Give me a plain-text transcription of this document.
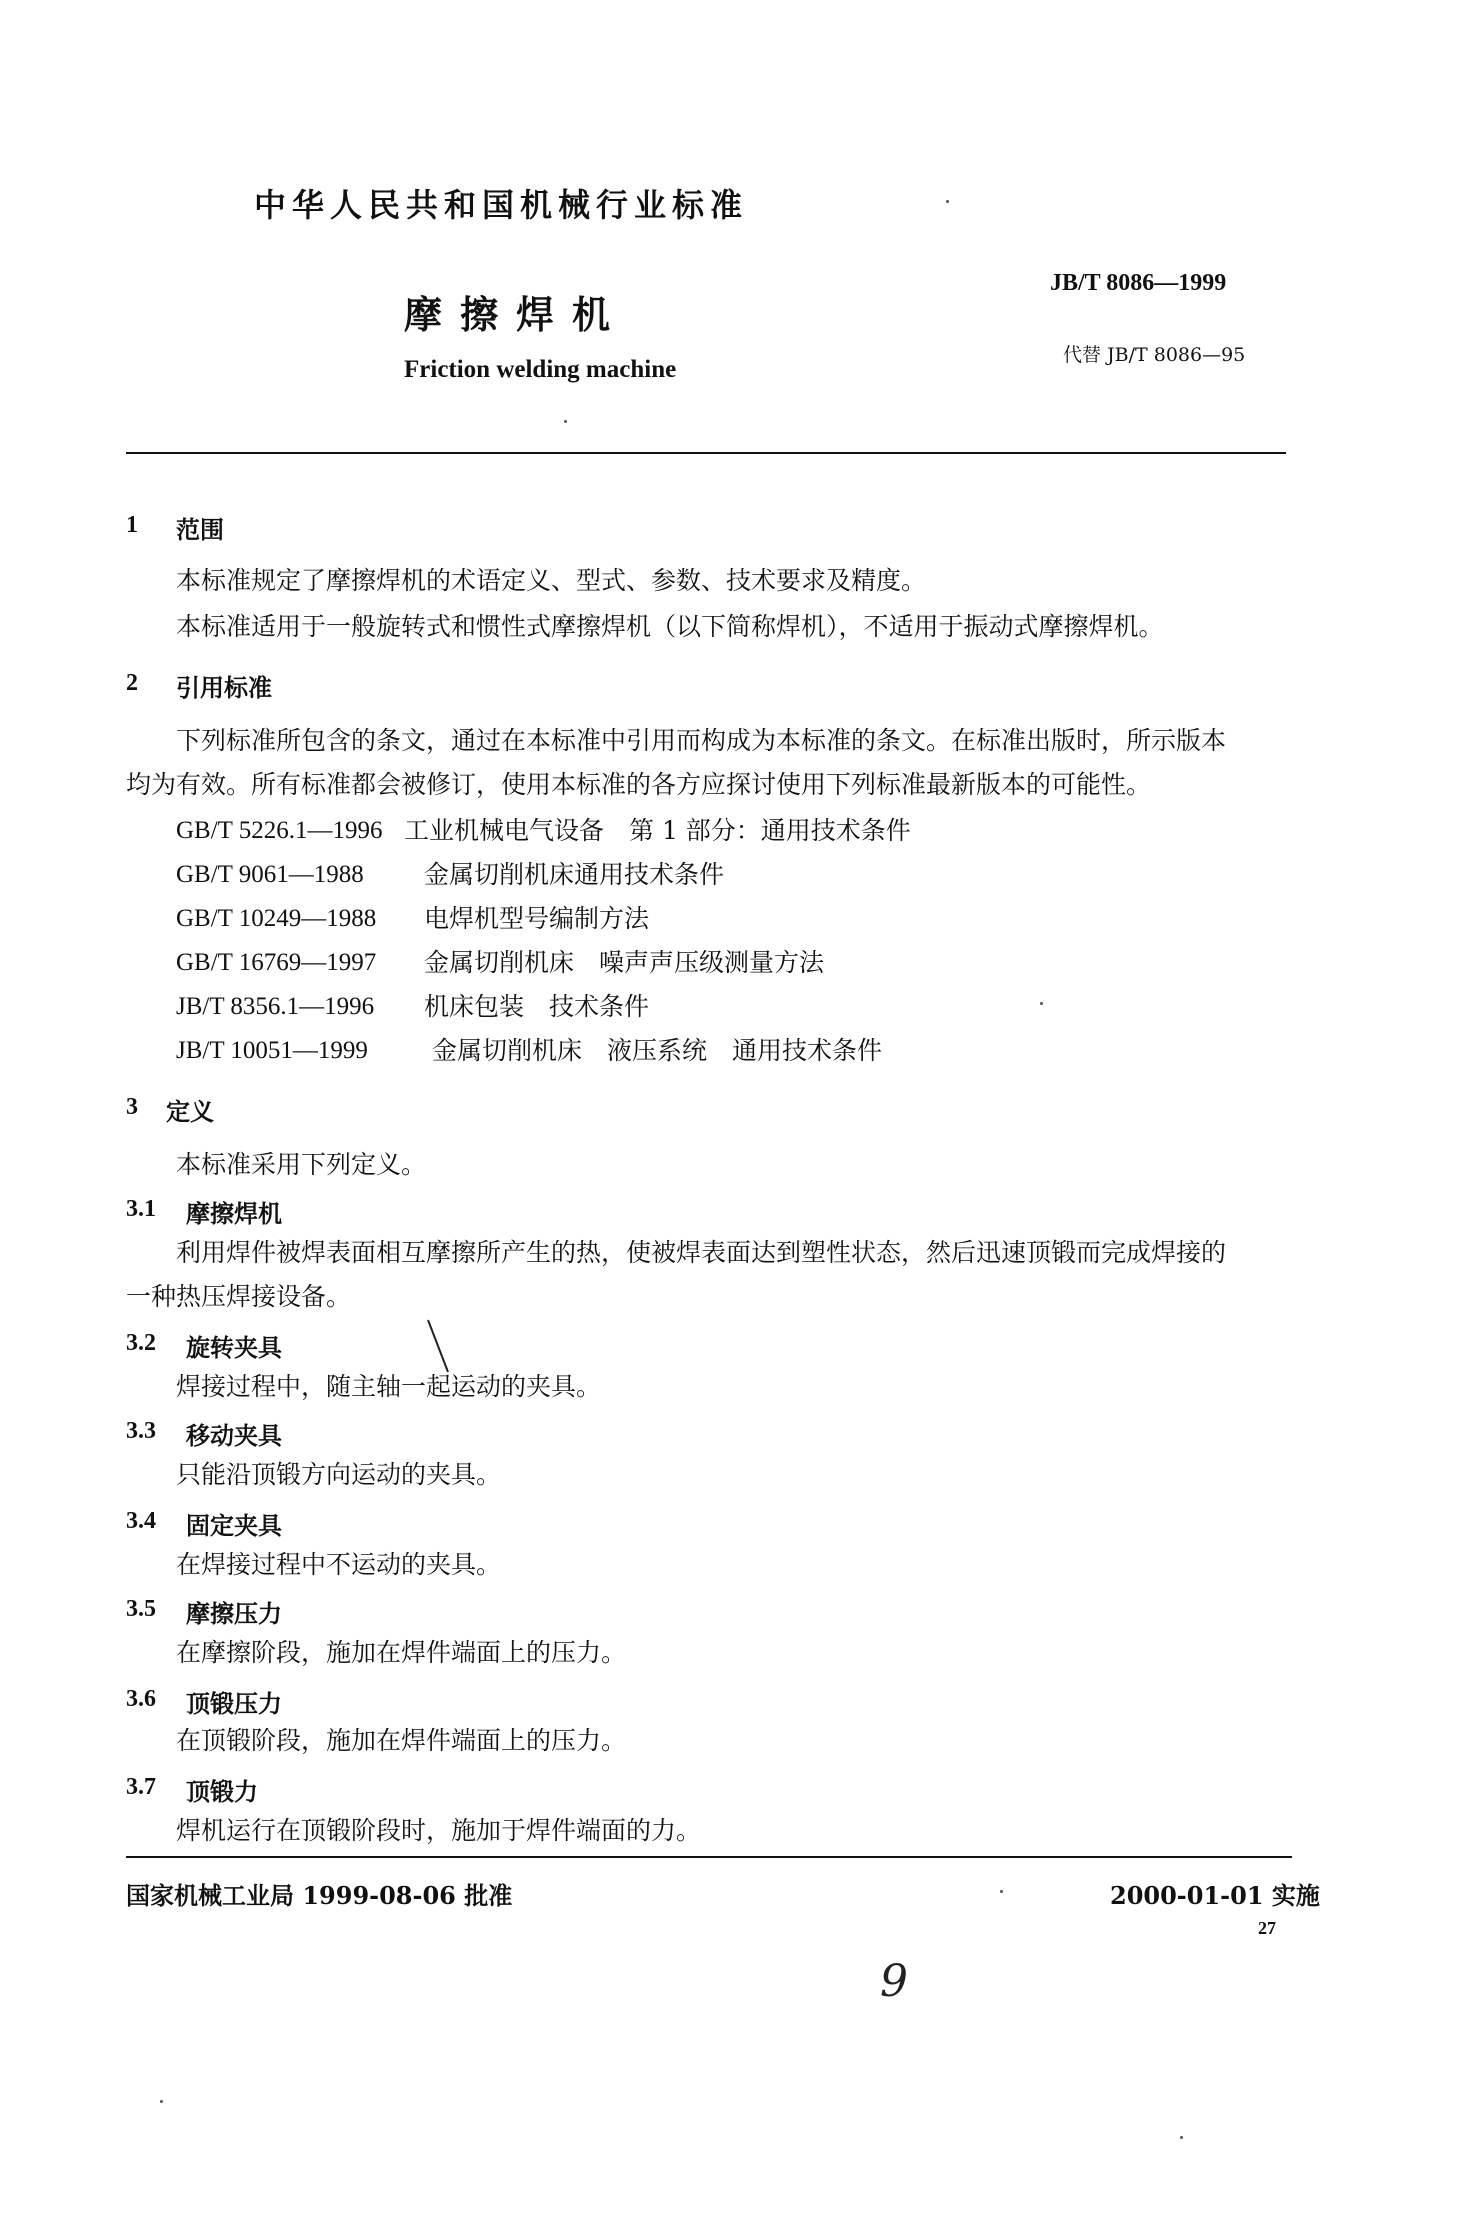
中华人民共和国机械行业标准
摩擦焊机
Friction welding machine
JB/T 8086—1999
代替 JB/T 8086—95
1 范围
本标准规定了摩擦焊机的术语定义、型式、参数、技术要求及精度。
本标准适用于一般旋转式和惯性式摩擦焊机（以下简称焊机），不适用于振动式摩擦焊机。
2 引用标准
下列标准所包含的条文，通过在本标准中引用而构成为本标准的条文。在标准出版时，所示版本
均为有效。所有标准都会被修订，使用本标准的各方应探讨使用下列标准最新版本的可能性。
GB/T 5226.1—1996 工业机械电气设备　第 1 部分：通用技术条件
GB/T 9061—1988 金属切削机床通用技术条件
GB/T 10249—1988 电焊机型号编制方法
GB/T 16769—1997 金属切削机床　噪声声压级测量方法
JB/T 8356.1—1996 机床包装　技术条件
JB/T 10051—1999	金属切削机床　液压系统　通用技术条件
3 定义
本标准采用下列定义。
3.1 摩擦焊机
利用焊件被焊表面相互摩擦所产生的热，使被焊表面达到塑性状态，然后迅速顶锻而完成焊接的
一种热压焊接设备。
3.2 旋转夹具
焊接过程中，随主轴一起运动的夹具。
3.3 移动夹具
只能沿顶锻方向运动的夹具。
3.4 固定夹具
在焊接过程中不运动的夹具。
3.5 摩擦压力
在摩擦阶段，施加在焊件端面上的压力。
3.6 顶锻压力
在顶锻阶段，施加在焊件端面上的压力。
3.7 顶锻力
焊机运行在顶锻阶段时，施加于焊件端面的力。
国家机械工业局 1999-08-06 批准	2000-01-01 实施
27
9
